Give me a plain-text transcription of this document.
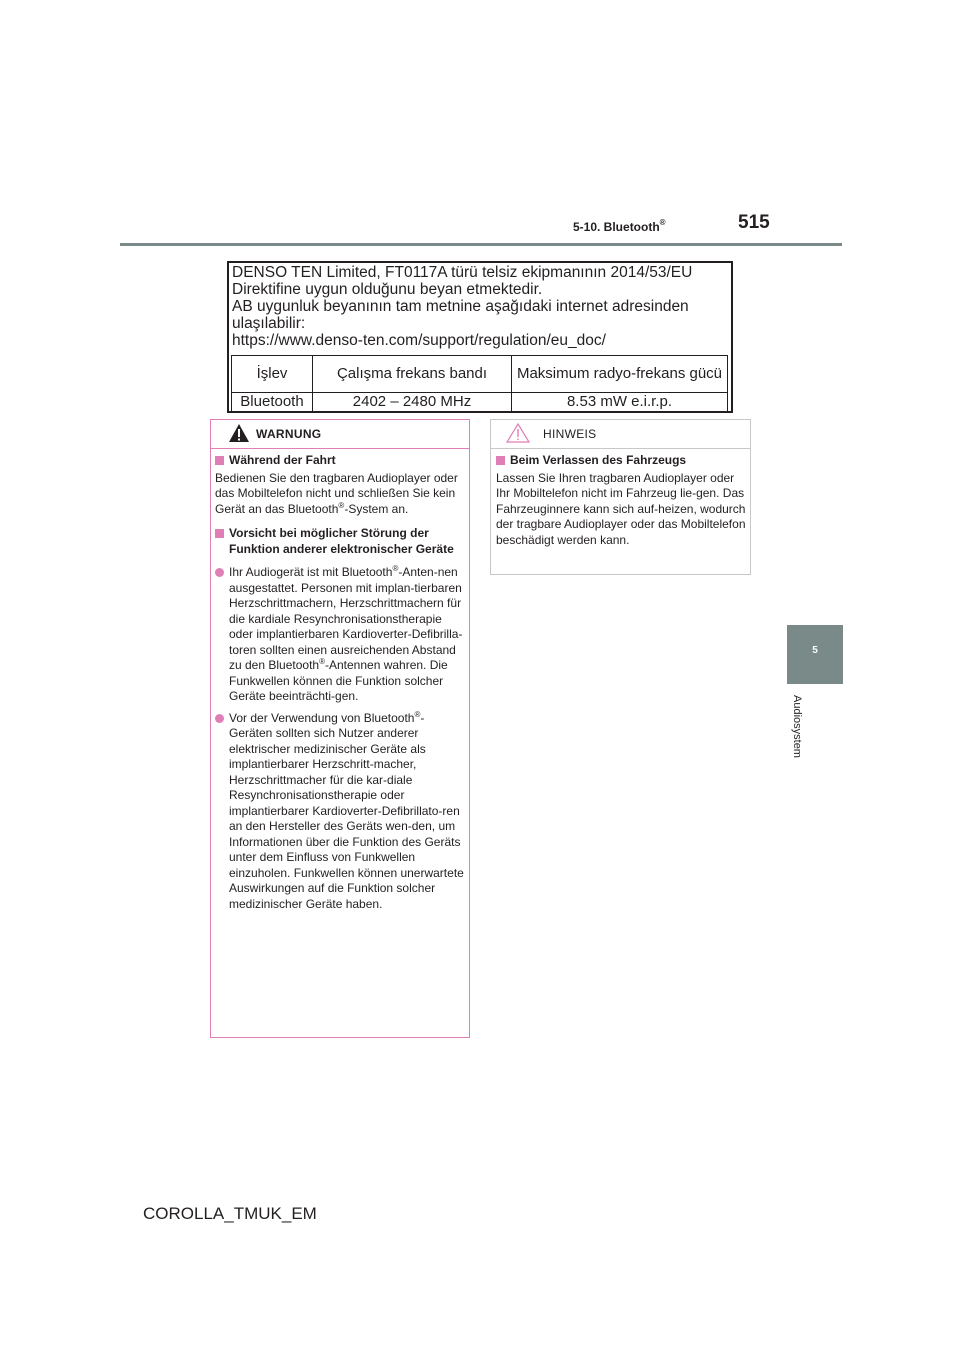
5-10. Bluetooth®	515
5
Audiosystem
DENSO TEN Limited, FT0117A türü telsiz ekipmanının 2014/53/EU
Direktifine uygun olduğunu beyan etmektedir.
AB uygunluk beyanının tam metnine aşağıdaki internet adresinden
ulaşılabilir:
https://www.denso-ten.com/support/regulation/eu_doc/
İşlev	Çalışma frekans bandı	Maksimum radyo-frekans gücü
Bluetooth	2402 – 2480 MHz	8.53 mW e.i.r.p.
WARNUNG
Während der Fahrt
Bedienen Sie den tragbaren Audioplayer oder das Mobiltelefon nicht und schließen Sie kein Gerät an das Bluetooth®-System an.
Vorsicht bei möglicher Störung der Funktion anderer elektronischer Geräte
Ihr Audiogerät ist mit Bluetooth®-Anten-nen ausgestattet. Personen mit implan-tierbaren Herzschrittmachern, Herzschrittmachern für die kardiale Resynchronisationstherapie oder implantierbaren Kardioverter-Defibrilla-toren sollten einen ausreichenden Abstand zu den Bluetooth®-Antennen wahren. Die Funkwellen können die Funktion solcher Geräte beeinträchti-gen.
Vor der Verwendung von Bluetooth®-Geräten sollten sich Nutzer anderer elektrischer medizinischer Geräte als implantierbarer Herzschritt-macher, Herzschrittmacher für die kar-diale Resynchronisationstherapie oder implantierbarer Kardioverter-Defibrillato-ren an den Hersteller des Geräts wen-den, um Informationen über die Funktion des Geräts unter dem Einfluss von Funkwellen einzuholen. Funkwellen können unerwartete Auswirkungen auf die Funktion solcher medizinischer Geräte haben.
HINWEIS
Beim Verlassen des Fahrzeugs
Lassen Sie Ihren tragbaren Audioplayer oder Ihr Mobiltelefon nicht im Fahrzeug lie-gen. Das Fahrzeuginnere kann sich auf-heizen, wodurch der tragbare Audioplayer oder das Mobiltelefon beschädigt werden kann.
COROLLA_TMUK_EM
